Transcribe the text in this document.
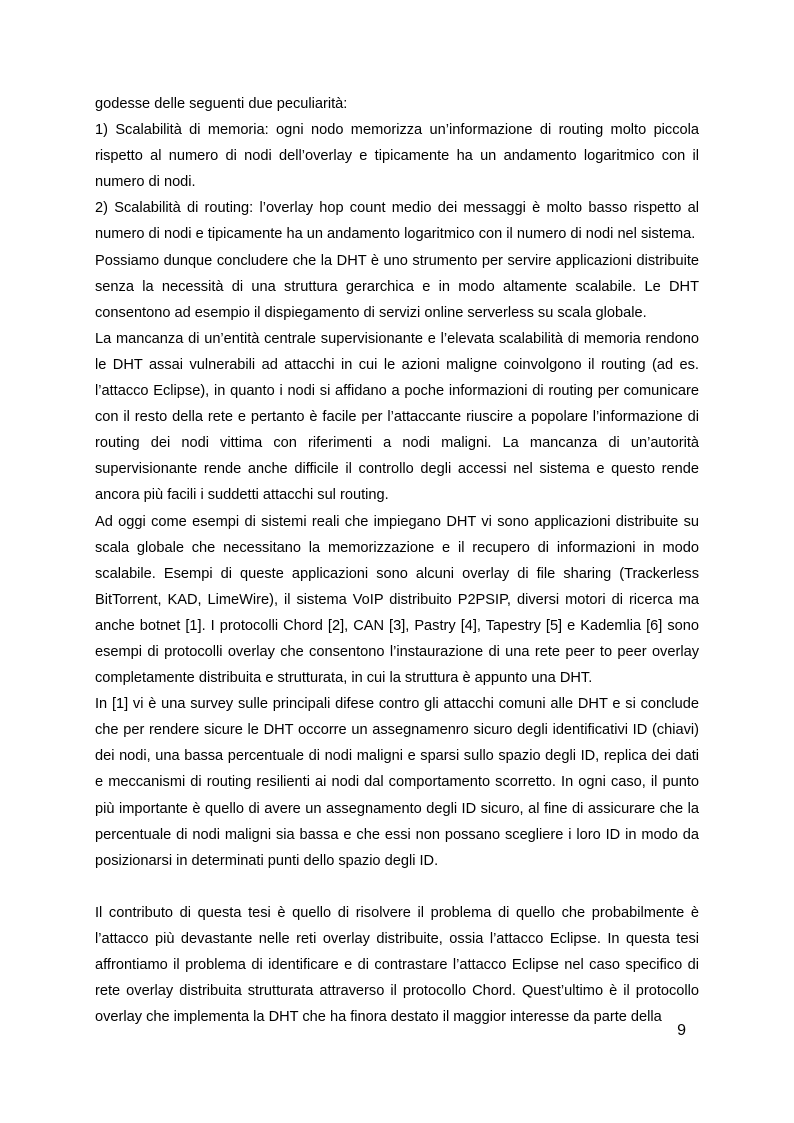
godesse delle seguenti due peculiarità:

1) Scalabilità di memoria: ogni nodo memorizza un’informazione di routing molto piccola rispetto al numero di nodi dell’overlay e tipicamente ha un andamento logaritmico con il numero di nodi.

2) Scalabilità di routing: l’overlay hop count medio dei messaggi è molto basso rispetto al numero di nodi e tipicamente ha un andamento logaritmico con il numero di nodi nel sistema.

Possiamo dunque concludere che la DHT è uno strumento per servire applicazioni distribuite senza la necessità di una struttura gerarchica e in modo altamente scalabile. Le DHT consentono ad esempio il dispiegamento di servizi online serverless su scala globale.

La mancanza di un’entità centrale supervisionante e l’elevata scalabilità di memoria rendono le DHT assai vulnerabili ad attacchi in cui le azioni maligne coinvolgono il routing (ad es. l’attacco Eclipse), in quanto i nodi si affidano a poche informazioni di routing per comunicare con il resto della rete e pertanto è facile per l’attaccante riuscire a popolare l’informazione di routing dei nodi vittima con riferimenti a nodi maligni. La mancanza di un’autorità supervisionante rende anche difficile il controllo degli accessi nel sistema e questo rende ancora più facili i suddetti attacchi sul routing.

Ad oggi come esempi di sistemi reali che impiegano DHT vi sono applicazioni distribuite su scala globale che necessitano la memorizzazione e il recupero di informazioni in modo scalabile. Esempi di queste applicazioni sono alcuni overlay di file sharing (Trackerless BitTorrent, KAD, LimeWire), il sistema VoIP distribuito P2PSIP, diversi motori di ricerca ma anche botnet [1]. I protocolli Chord [2], CAN [3], Pastry [4], Tapestry [5] e Kademlia [6] sono esempi di protocolli overlay che consentono l’instaurazione di una rete peer to peer overlay completamente distribuita e strutturata, in cui la struttura è appunto una DHT.

In [1] vi è una survey sulle principali difese contro gli attacchi comuni alle DHT e si conclude che per rendere sicure le DHT occorre un assegnamenro sicuro degli identificativi ID (chiavi) dei nodi, una bassa percentuale di nodi maligni e sparsi sullo spazio degli ID, replica dei dati e meccanismi di routing resilienti ai nodi dal comportamento scorretto. In ogni caso, il punto più importante è quello di avere un assegnamento degli ID sicuro, al fine di assicurare che la percentuale di nodi maligni sia bassa e che essi non possano scegliere i loro ID in modo da posizionarsi in determinati punti dello spazio degli ID.

Il contributo di questa tesi è quello di risolvere il problema di quello che probabilmente è l’attacco più devastante nelle reti overlay distribuite, ossia l’attacco Eclipse. In questa tesi affrontiamo il problema di identificare e di contrastare l’attacco Eclipse nel caso specifico di rete overlay distribuita strutturata attraverso il protocollo Chord. Quest’ultimo è il protocollo overlay che implementa la DHT che ha finora destato il maggior interesse da parte della

9
